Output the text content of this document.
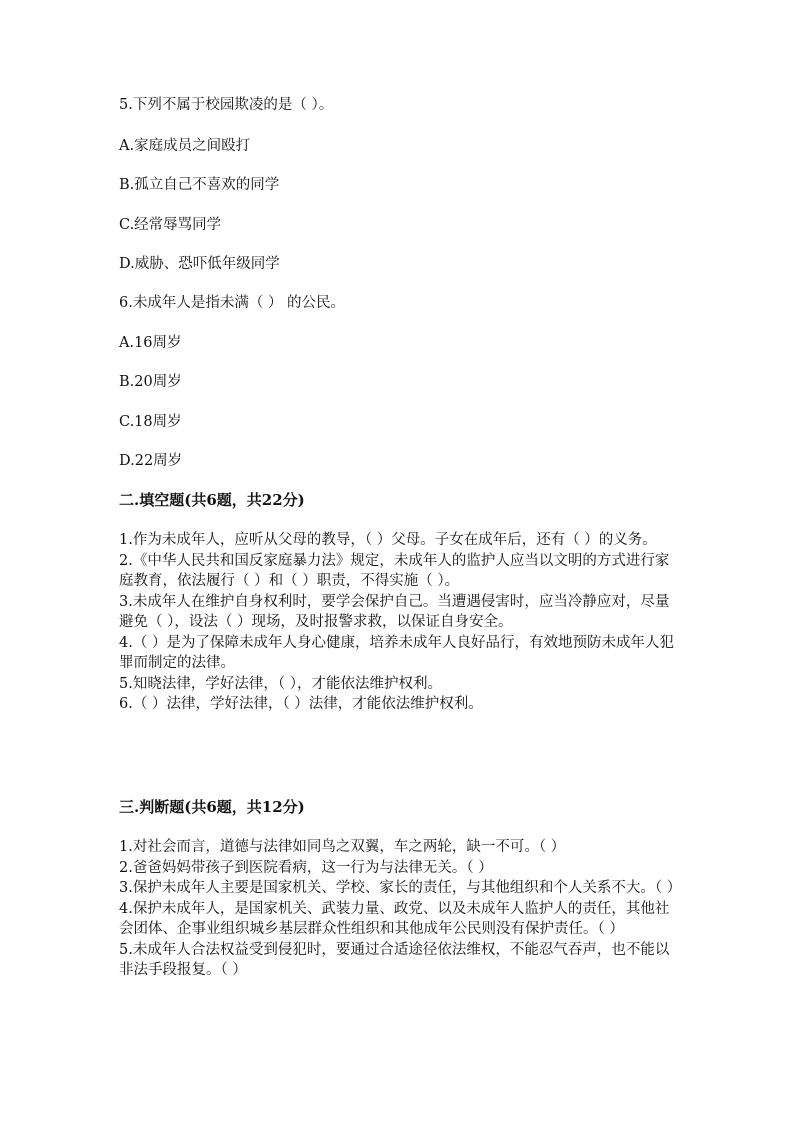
5.下列不属于校园欺凌的是（ ）。
A.家庭成员之间殴打
B.孤立自己不喜欢的同学
C.经常辱骂同学
D.威胁、恐吓低年级同学
6.未成年人是指未满（ ） 的公民。
A.16周岁
B.20周岁
C.18周岁
D.22周岁
二.填空题(共6题，共22分)

1.作为未成年人，应听从父母的教导，（ ）父母。子女在成年后，还有（ ）的义务。

2.《中华人民共和国反家庭暴力法》规定，未成年人的监护人应当以文明的方式进行家庭教育，依法履行（ ）和（ ）职责，不得实施（ ）。

3.未成年人在维护自身权利时，要学会保护自己。当遭遇侵害时，应当冷静应对，尽量避免（ ），设法（ ）现场，及时报警求救，以保证自身安全。

4.（ ）是为了保障未成年人身心健康，培养未成年人良好品行，有效地预防未成年人犯罪而制定的法律。

5.知晓法律，学好法律，（ ），才能依法维护权利。

6.（ ）法律，学好法律，（ ）法律，才能依法维护权利。

三.判断题(共6题，共12分)

1.对社会而言，道德与法律如同鸟之双翼，车之两轮，缺一不可。（ ）

2.爸爸妈妈带孩子到医院看病，这一行为与法律无关。（ ）

3.保护未成年人主要是国家机关、学校、家长的责任，与其他组织和个人关系不大。（ ）

4.保护未成年人，是国家机关、武装力量、政党、以及未成年人监护人的责任，其他社会团体、企事业组织城乡基层群众性组织和其他成年公民则没有保护责任。（ ）

5.未成年人合法权益受到侵犯时，要通过合适途径依法维权，不能忍气吞声，也不能以非法手段报复。（ ）
